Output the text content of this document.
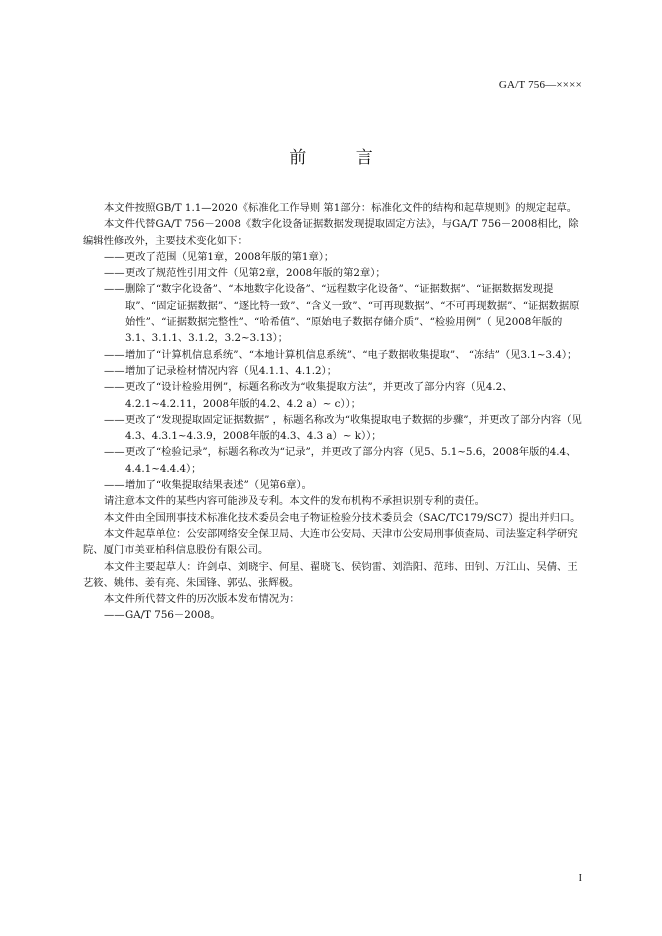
GA/T 756—××××
前 言

本文件按照GB/T 1.1—2020《标准化工作导则 第1部分：标准化文件的结构和起草规则》的规定起草。

本文件代替GA/T 756－2008《数字化设备证据数据发现提取固定方法》，与GA/T 756－2008相比，除编辑性修改外，主要技术变化如下：

——更改了范围（见第1章，2008年版的第1章）；
——更改了规范性引用文件（见第2章，2008年版的第2章）；
——删除了“数字化设备”、“本地数字化设备”、“远程数字化设备”、“证据数据”、“证据数据发现提取”、“固定证据数据”、“逐比特一致”、“含义一致”、“可再现数据”、“不可再现数据”、“证据数据原始性”、“证据数据完整性”、“哈希值”、“原始电子数据存储介质”、“检验用例”（ 见2008年版的3.1、3.1.1、3.1.2，3.2~3.13）；
——增加了“计算机信息系统”、“本地计算机信息系统”、“电子数据收集提取”、 “冻结”（见3.1~3.4）；
——增加了记录检材情况内容（见4.1.1、4.1.2）；
——更改了“设计检验用例”，标题名称改为“收集提取方法”，并更改了部分内容（见4.2、4.2.1~4.2.11，2008年版的4.2、4.2 a）~ c））；
——更改了“发现提取固定证据数据” ，标题名称改为“收集提取电子数据的步骤”，并更改了部分内容（见4.3、4.3.1~4.3.9，2008年版的4.3、4.3 a）~ k））；
——更改了“检验记录”，标题名称改为“记录”，并更改了部分内容（见5、5.1~5.6，2008年版的4.4、4.4.1~4.4.4）；
——增加了“收集提取结果表述”（见第6章）。

请注意本文件的某些内容可能涉及专利。本文件的发布机构不承担识别专利的责任。

本文件由全国刑事技术标准化技术委员会电子物证检验分技术委员会（SAC/TC179/SC7）提出并归口。

本文件起草单位：公安部网络安全保卫局、大连市公安局、天津市公安局刑事侦查局、司法鉴定科学研究院、厦门市美亚柏科信息股份有限公司。

本文件主要起草人：许剑卓、刘晓宇、何星、翟晓飞、侯钧雷、刘浩阳、范玮、田钊、万江山、吴倩、王艺筱、姚伟、姜有亮、朱国锋、郭弘、张辉极。

本文件所代替文件的历次版本发布情况为：

——GA/T 756－2008。
I
